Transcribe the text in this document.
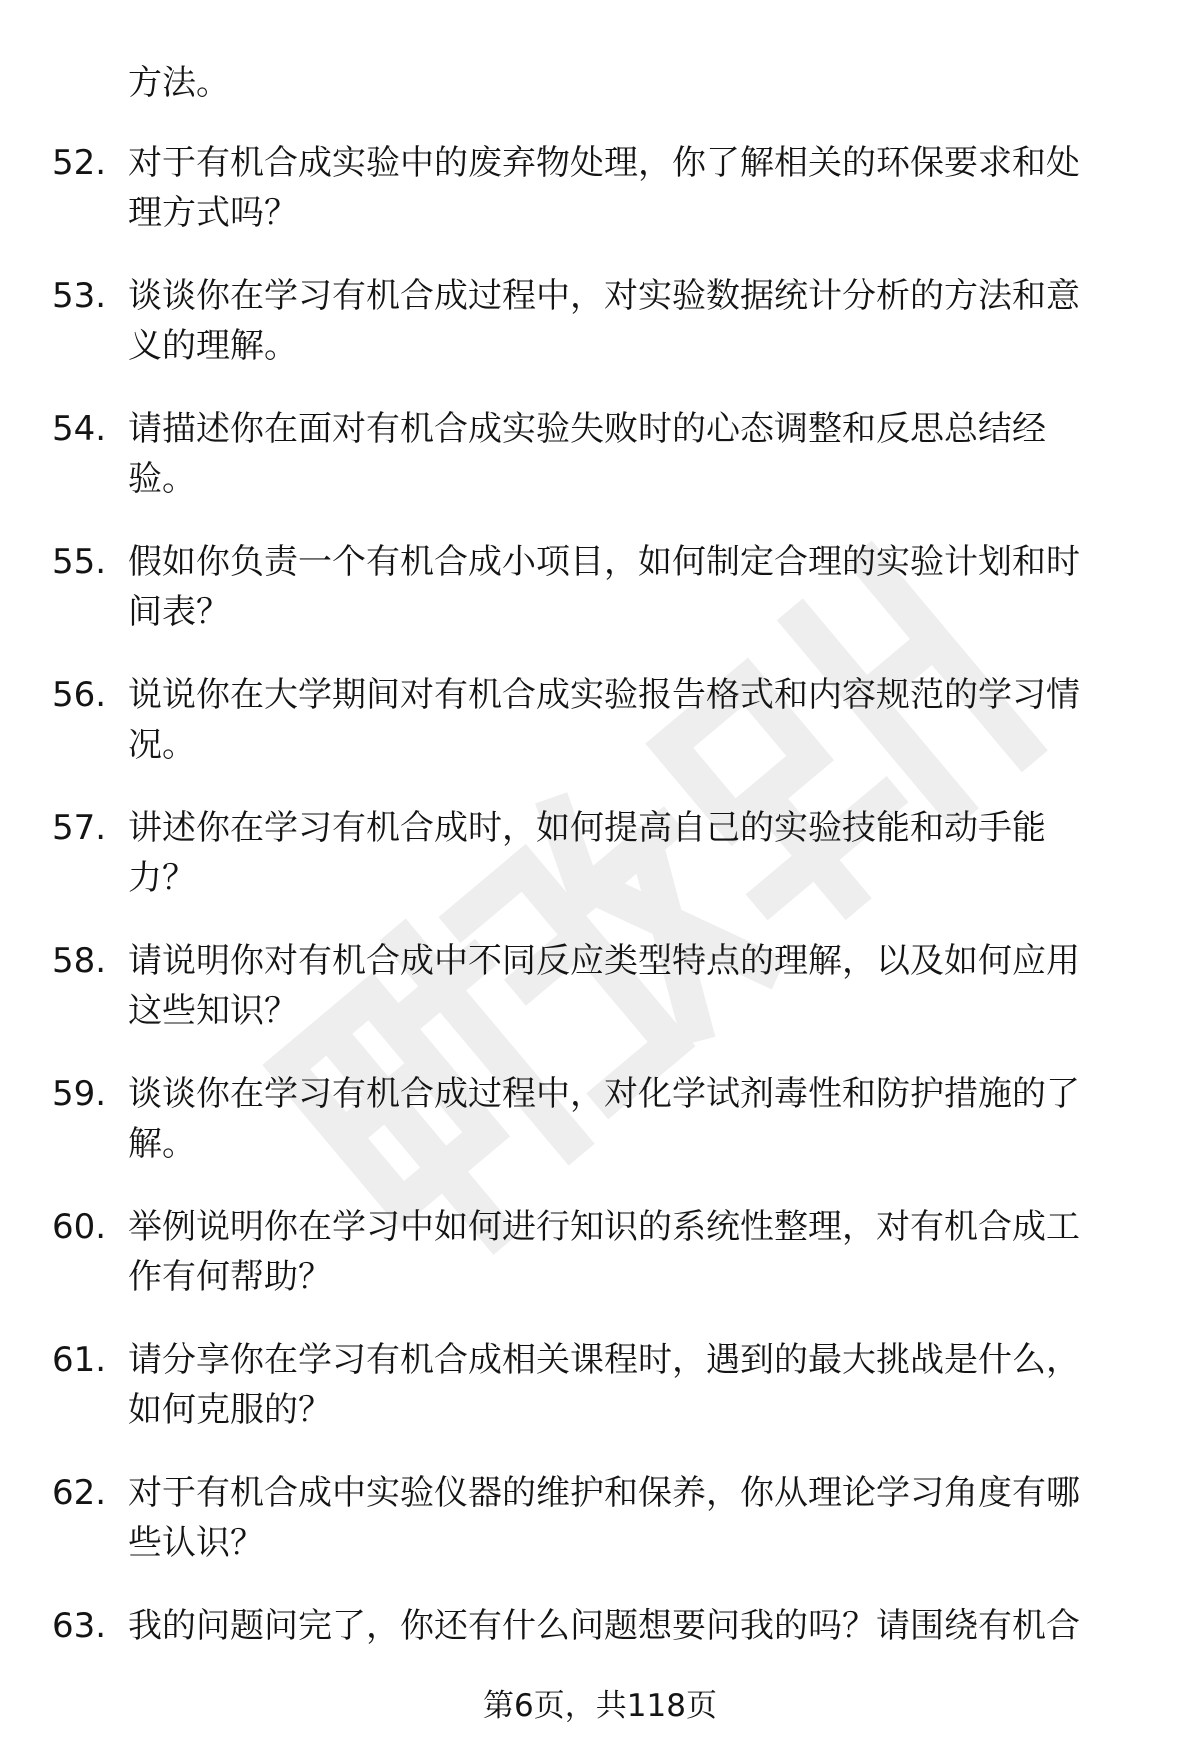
方法。

52. 对于有机合成实验中的废弃物处理，你了解相关的环保要求和处
理方式吗？

53. 谈谈你在学习有机合成过程中，对实验数据统计分析的方法和意
义的理解。

54. 请描述你在面对有机合成实验失败时的心态调整和反思总结经
验。

55. 假如你负责一个有机合成小项目，如何制定合理的实验计划和时
间表？

56. 说说你在大学期间对有机合成实验报告格式和内容规范的学习情
况。

57. 讲述你在学习有机合成时，如何提高自己的实验技能和动手能
力？

58. 请说明你对有机合成中不同反应类型特点的理解，以及如何应用
这些知识？

59. 谈谈你在学习有机合成过程中，对化学试剂毒性和防护措施的了
解。

60. 举例说明你在学习中如何进行知识的系统性整理，对有机合成工
作有何帮助？

61. 请分享你在学习有机合成相关课程时，遇到的最大挑战是什么，
如何克服的？

62. 对于有机合成中实验仪器的维护和保养，你从理论学习角度有哪
些认识？

63. 我的问题问完了，你还有什么问题想要问我的吗？请围绕有机合

第6页，共118页
